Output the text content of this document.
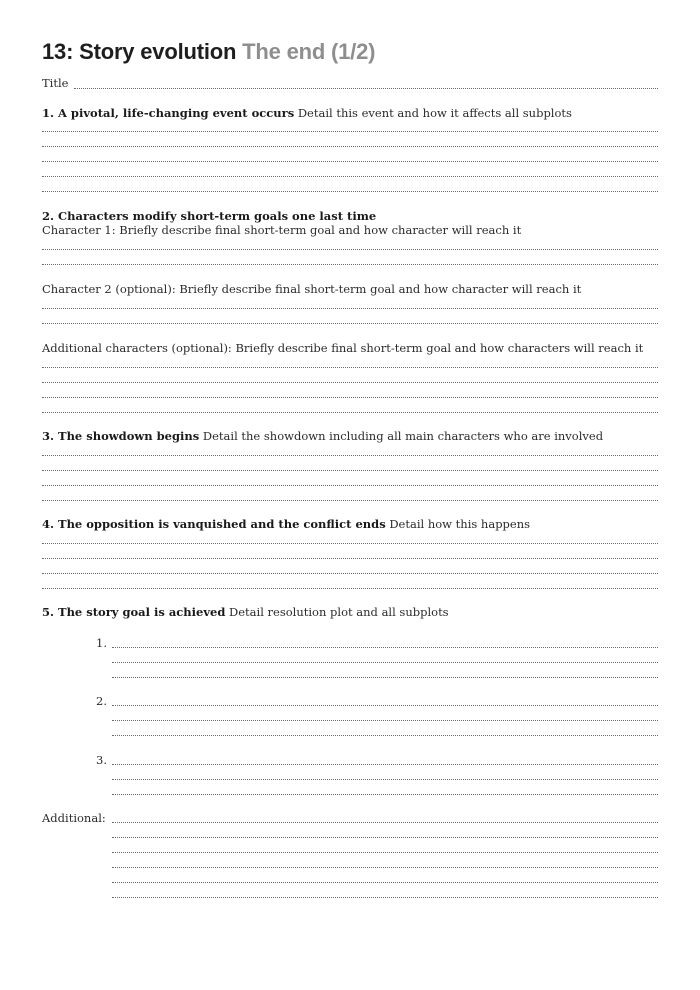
13: Story evolution The end (1/2)
Title
1. A pivotal, life-changing event occurs Detail this event and how it affects all subplots
2. Characters modify short-term goals one last time
Character 1: Briefly describe final short-term goal and how character will reach it
Character 2 (optional): Briefly describe final short-term goal and how character will reach it
Additional characters (optional): Briefly describe final short-term goal and how characters will reach it
3. The showdown begins Detail the showdown including all main characters who are involved
4. The opposition is vanquished and the conflict ends Detail how this happens
5. The story goal is achieved Detail resolution plot and all subplots
1.
2.
3.
Additional:
